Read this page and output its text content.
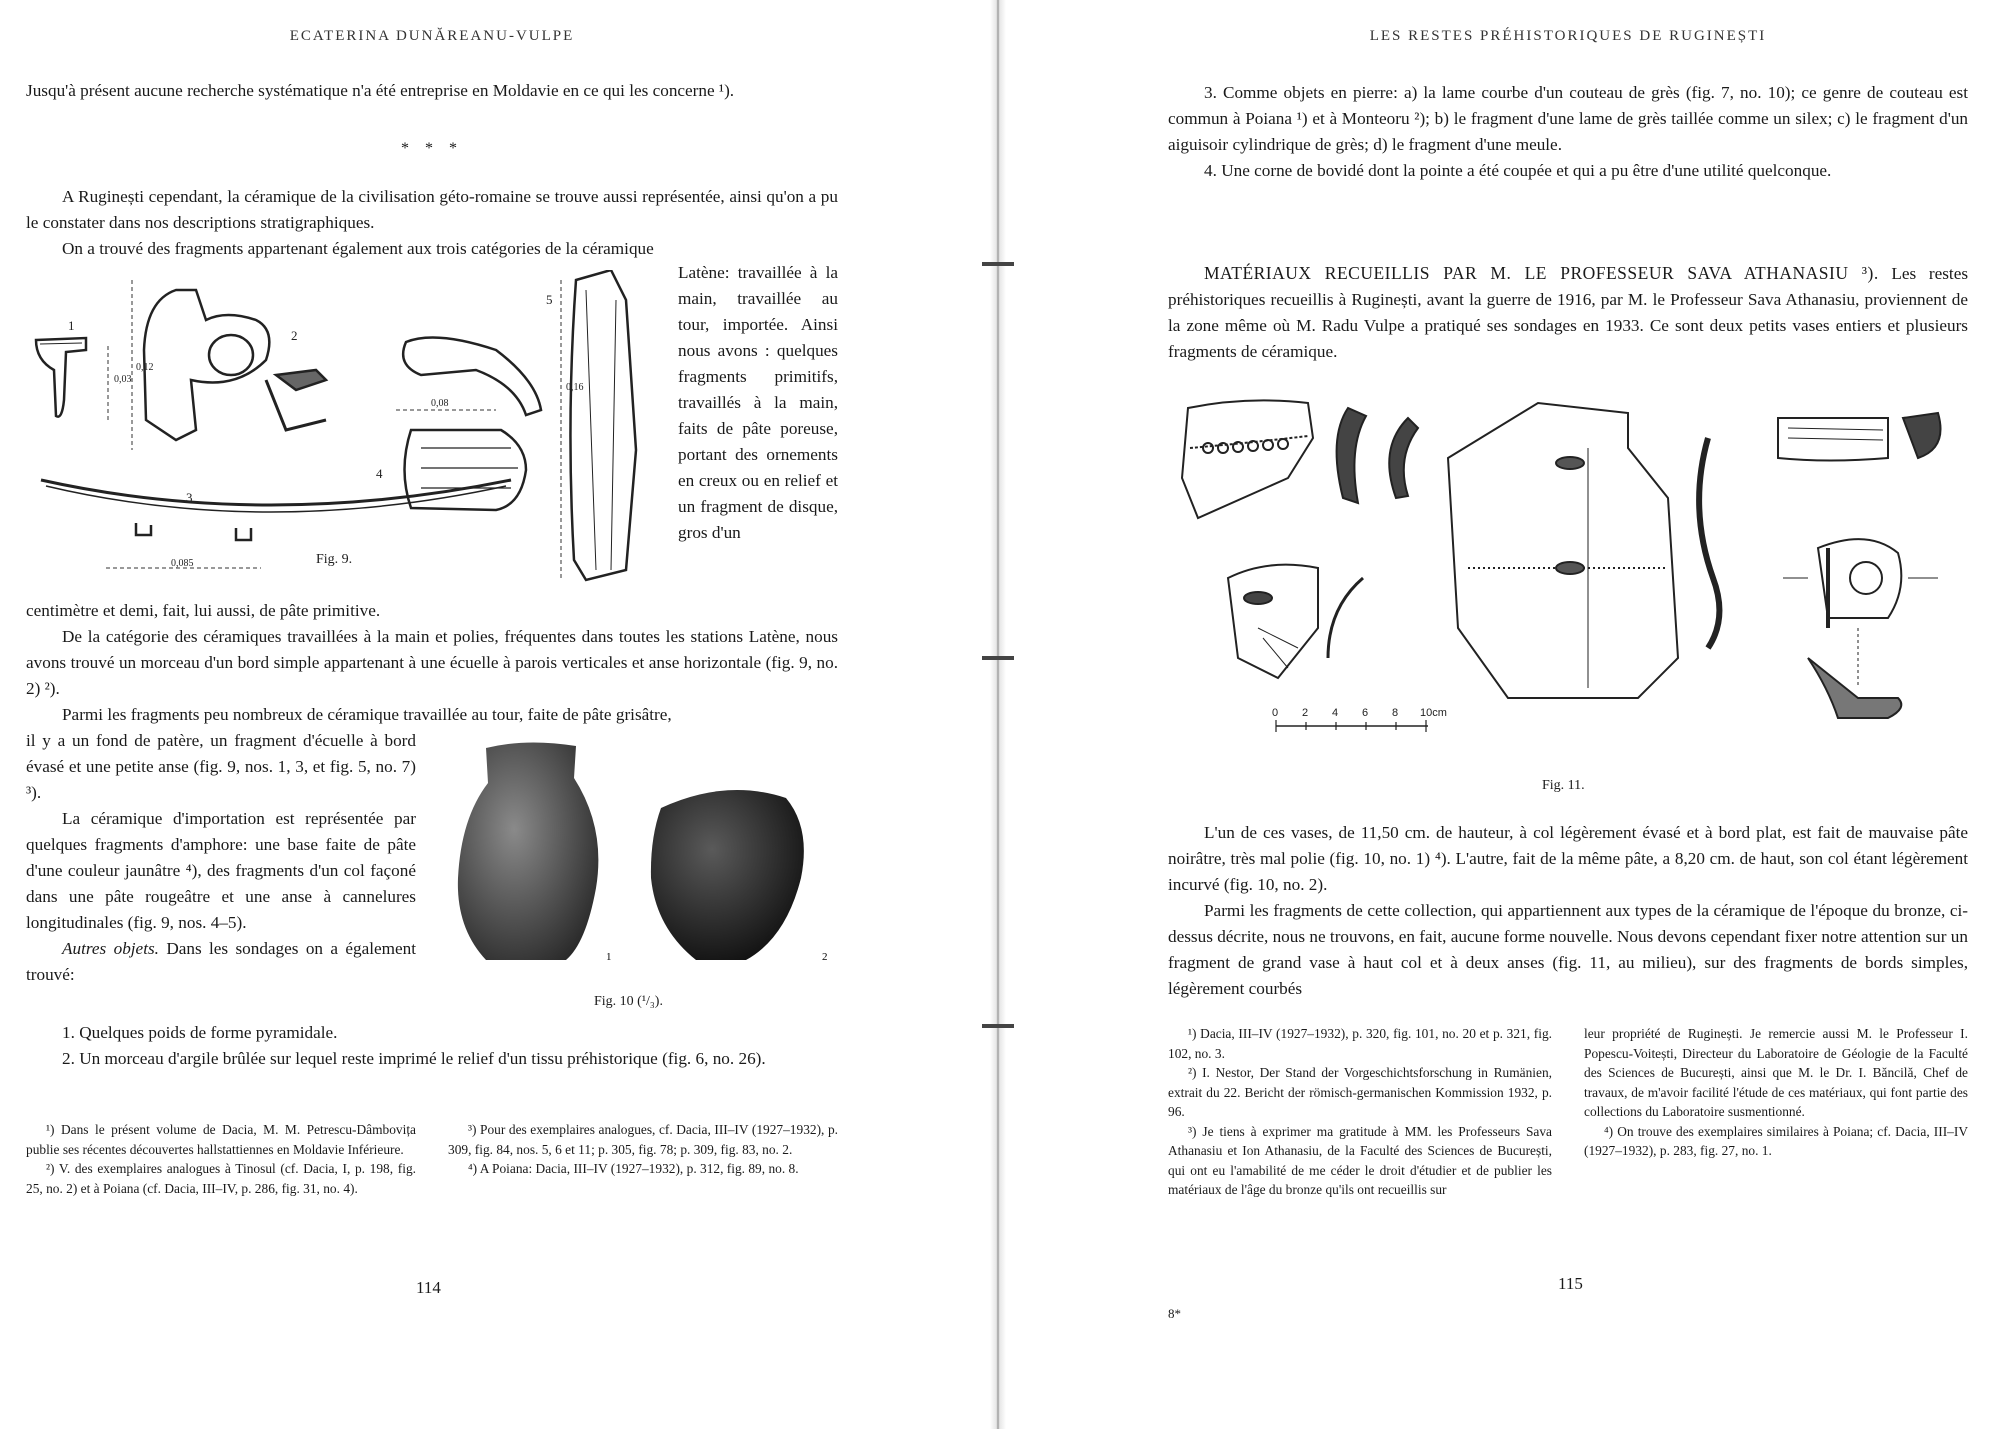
ECATERINA DUNĂREANU-VULPE

Jusqu'à présent aucune recherche systématique n'a été entreprise en Moldavie en ce qui les concerne ¹).

* * *

A Ruginești cependant, la céramique de la civilisation géto-romaine se trouve aussi représentée, ainsi qu'on a pu le constater dans nos descriptions stratigraphiques.

On a trouvé des fragments appartenant également aux trois catégories de la céramique

1
2
3
4
5
0,03
0,12
0,08
0,16
0,085	Fig. 9.

Latène: travaillée à la main, travaillée au tour, importée. Ainsi nous avons : quelques fragments primitifs, travaillés à la main, faits de pâte poreuse, portant des ornements en creux ou en relief et un fragment de disque, gros d'un

centimètre et demi, fait, lui aussi, de pâte primitive.

De la catégorie des céramiques travaillées à la main et polies, fréquentes dans toutes les stations Latène, nous avons trouvé un morceau d'un bord simple appartenant à une écuelle à parois verticales et anse horizontale (fig. 9, no. 2) ²).

Parmi les fragments peu nombreux de céramique travaillée au tour, faite de pâte grisâtre,

il y a un fond de patère, un fragment d'écuelle à bord évasé et une petite anse (fig. 9, nos. 1, 3, et fig. 5, no. 7) ³).

La céramique d'importation est représentée par quelques fragments d'amphore: une base faite de pâte d'une couleur jaunâtre ⁴), des fragments d'un col façoné dans une pâte rougeâtre et une anse à cannelures longitudinales (fig. 9, nos. 4–5).

Autres objets. Dans les sondages on a également trouvé:

1	2
Fig. 10 (¹/₃).

1. Quelques poids de forme pyramidale.

2. Un morceau d'argile brûlée sur lequel reste imprimé le relief d'un tissu préhistorique (fig. 6, no. 26).

¹) Dans le présent volume de Dacia, M. M. Petrescu-Dâmbovița publie ses récentes découvertes hallstattiennes en Moldavie Inférieure.

²) V. des exemplaires analogues à Tinosul (cf. Dacia, I, p. 198, fig. 25, no. 2) et à Poiana (cf. Dacia, III–IV, p. 286, fig. 31, no. 4).

³) Pour des exemplaires analogues, cf. Dacia, III–IV (1927–1932), p. 309, fig. 84, nos. 5, 6 et 11; p. 305, fig. 78; p. 309, fig. 83, no. 2.

⁴) A Poiana: Dacia, III–IV (1927–1932), p. 312, fig. 89, no. 8.

114
LES RESTES PRÉHISTORIQUES DE RUGINEȘTI

3. Comme objets en pierre: a) la lame courbe d'un couteau de grès (fig. 7, no. 10); ce genre de couteau est commun à Poiana ¹) et à Monteoru ²); b) le fragment d'une lame de grès taillée comme un silex; c) le fragment d'un aiguisoir cylindrique de grès; d) le fragment d'une meule.

4. Une corne de bovidé dont la pointe a été coupée et qui a pu être d'une utilité quelconque.

MATÉRIAUX RECUEILLIS PAR M. LE PROFESSEUR SAVA ATHANASIU ³). Les restes préhistoriques recueillis à Ruginești, avant la guerre de 1916, par M. le Professeur Sava Athanasiu, proviennent de la zone même où M. Radu Vulpe a pratiqué ses sondages en 1933. Ce sont deux petits vases entiers et plusieurs fragments de céramique.

0 2 4 6 8 10cm
Fig. 11.

L'un de ces vases, de 11,50 cm. de hauteur, à col légèrement évasé et à bord plat, est fait de mauvaise pâte noirâtre, très mal polie (fig. 10, no. 1) ⁴). L'autre, fait de la même pâte, a 8,20 cm. de haut, son col étant légèrement incurvé (fig. 10, no. 2).

Parmi les fragments de cette collection, qui appartiennent aux types de la céramique de l'époque du bronze, ci-dessus décrite, nous ne trouvons, en fait, aucune forme nouvelle. Nous devons cependant fixer notre attention sur un fragment de grand vase à haut col et à deux anses (fig. 11, au milieu), sur des fragments de bords simples, légèrement courbés

¹) Dacia, III–IV (1927–1932), p. 320, fig. 101, no. 20 et p. 321, fig. 102, no. 3.

²) I. Nestor, Der Stand der Vorgeschichtsforschung in Rumänien, extrait du 22. Bericht der römisch-germanischen Kommission 1932, p. 96.

³) Je tiens à exprimer ma gratitude à MM. les Professeurs Sava Athanasiu et Ion Athanasiu, de la Faculté des Sciences de București, qui ont eu l'amabilité de me céder le droit d'étudier et de publier les matériaux de l'âge du bronze qu'ils ont recueillis sur

leur propriété de Ruginești. Je remercie aussi M. le Professeur I. Popescu-Voitești, Directeur du Laboratoire de Géologie de la Faculté des Sciences de București, ainsi que M. le Dr. I. Băncilă, Chef de travaux, de m'avoir facilité l'étude de ces matériaux, qui font partie des collections du Laboratoire susmentionné.

⁴) On trouve des exemplaires similaires à Poiana; cf. Dacia, III–IV (1927–1932), p. 283, fig. 27, no. 1.

115
8*
